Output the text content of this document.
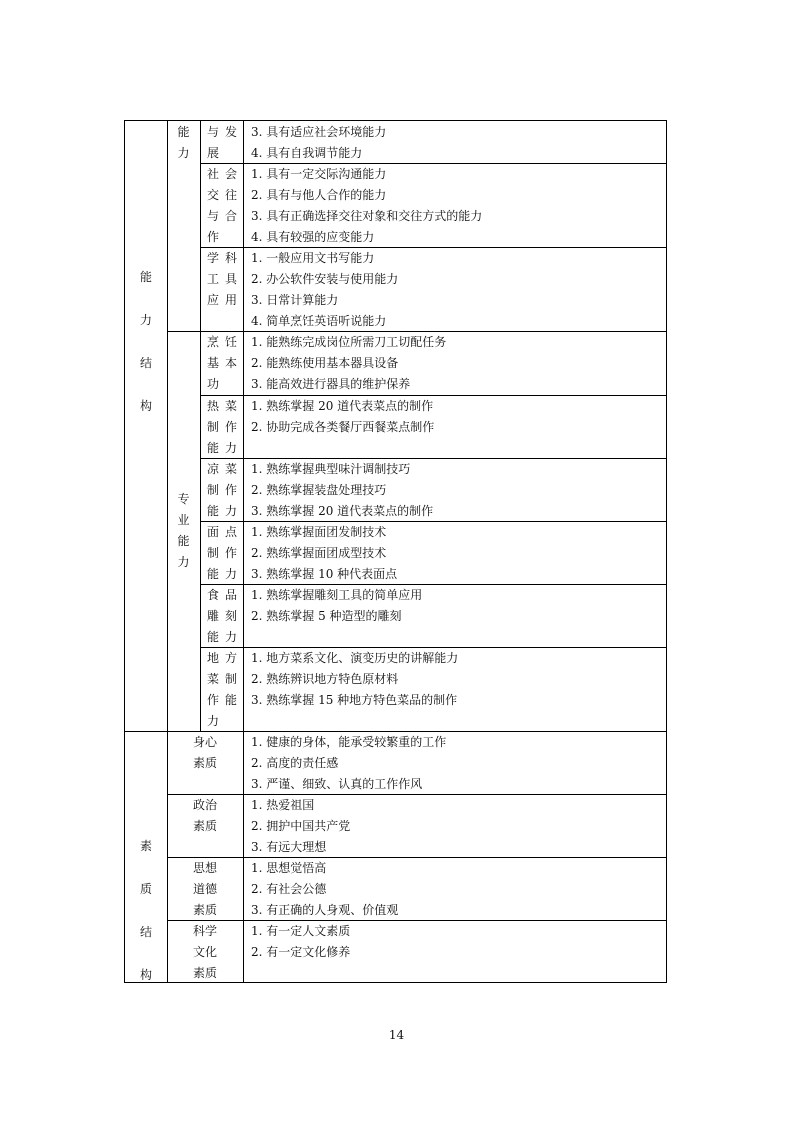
能
力
结
构
能
力
与 发
展
3. 具有适应社会环境能力
4. 具有自我调节能力
社 会
交 往
与 合
作
1. 具有一定交际沟通能力
2. 具有与他人合作的能力
3. 具有正确选择交往对象和交往方式的能力
4. 具有较强的应变能力
学 科
工 具
应 用
1. 一般应用文书写能力
2. 办公软件安装与使用能力
3. 日常计算能力
4. 简单烹饪英语听说能力
专
业
能
力
烹 饪
基 本
功
1. 能熟练完成岗位所需刀工切配任务
2. 能熟练使用基本器具设备
3. 能高效进行器具的维护保养
热 菜
制 作
能 力
1. 熟练掌握 20 道代表菜点的制作
2. 协助完成各类餐厅西餐菜点制作
凉 菜
制 作
能 力
1. 熟练掌握典型味汁调制技巧
2. 熟练掌握装盘处理技巧
3. 熟练掌握 20 道代表菜点的制作
面 点
制 作
能 力
1. 熟练掌握面团发制技术
2. 熟练掌握面团成型技术
3. 熟练掌握 10 种代表面点
食 品
雕 刻
能 力
1. 熟练掌握雕刻工具的简单应用
2. 熟练掌握 5 种造型的雕刻
地 方
菜 制
作 能
力
1. 地方菜系文化、演变历史的讲解能力
2. 熟练辨识地方特色原材料
3. 熟练掌握 15 种地方特色菜品的制作
素
质
结
构
身心
素质
1. 健康的身体，能承受较繁重的工作
2. 高度的责任感
3. 严谨、细致、认真的工作作风
政治
素质
1. 热爱祖国
2. 拥护中国共产党
3. 有远大理想
思想
道德
素质
1. 思想觉悟高
2. 有社会公德
3. 有正确的人身观、价值观
科学
文化
素质
1. 有一定人文素质
2. 有一定文化修养
14
